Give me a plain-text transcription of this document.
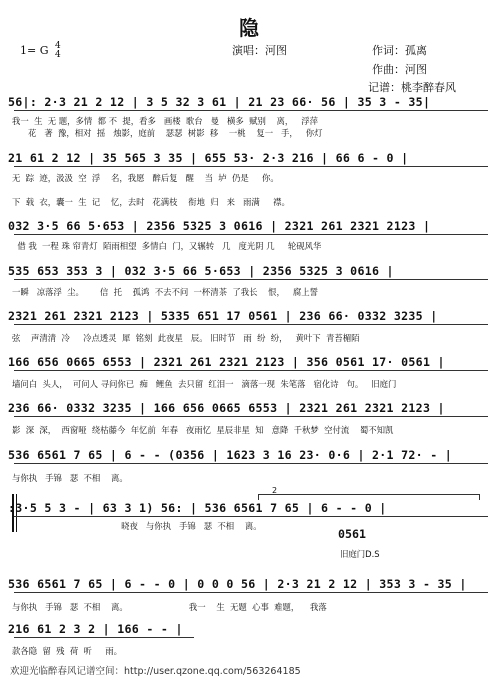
隐
1= G 4
4	演唱：河图	作词：孤离
作曲：河图
记谱：桃李醉春风
56|: 2·3 21 2 12 | 3 5 32 3 61 | 21 23 66· 56 | 35 3 - 35|
我一  生  无 题，多情  都 不  提，看多   画楼  歌台   曼   横多  赋别    离，   浮萍
花   著  豫，相对  摇   烛影，庭前    瑟瑟  树影  移    一桃    复一   手，   你灯
21 61 2 12 | 35 565 3 35 | 655 53· 2·3 216 | 66 6 - 0 |
无  踪  迹，汲汲  空  浮    名，我愿   醉后复   醒    当  垆  仍是     你。
下  载  衣，囊一  生  记    忆，去时   花满枝    衔地  归   来   雨满     襟。
032 3·5 66 5·653 | 2356 5325 3 0616 | 2321 261 2321 2123 |
借 我  一程 珠 帘青灯  陌雨相望  多情白  门，又辗转   几   度光阴 几     轮砚风华
535 653 353 3 | 032 3·5 66 5·653 | 2356 5325 3 0616 |
一瞬   凉落浮  尘。      信  托    孤鸿  不去不问  一杯清茶  了我长    恨，   腐上誓
2321 261 2321 2123 | 5335 651 17 0561 | 236 66· 0332 3235 |
弦    声清清  冷     冷点透灵  犀  铭刻  此夜星   辰。 旧时节   雨  纷  纷，   黄叶下  青苔楣陌
166 656 0665 6553 | 2321 261 2321 2123 | 356 0561 17· 0561 |
墙问白  头人，  可问人 寻问你已  痴   鲤鱼  去只留  红泪一   滴落一现  朱笔落   宿化诗   句。   旧庭门
236 66· 0332 3235 | 166 656 0665 6553 | 2321 261 2321 2123 |
影  深  深，  西窗哑  绕枯藤今  年忆前  年春   夜雨忆  星辰非星  知   意降  千秋梦  空付流    蜀不知凯
536 6561 7 65 | 6 - - (0356 | 1623 3 16 23· 0·6 | 2·1 72· - |
与你执   手锦   瑟  不相    离。
2
:3·5 5 3 - | 63 3 1) 56: | 536 6561 7 65 | 6 - - 0 |
晓夜   与你执   手锦   瑟  不相    离。
0561
旧庭门D.S
536 6561 7 65 | 6 - - 0 | 0 0 0 56 | 2·3 21 2 12 | 353 3 - 35 |
与你执   手锦   瑟  不相    离。                       我一    生  无题  心事  难题，    我落
216 61 2 3 2 | 166 - - |
款各隐  留  残  荷  听     雨。
欢迎光临醉春风记谱空间：http://user.qzone.qq.com/563264185
